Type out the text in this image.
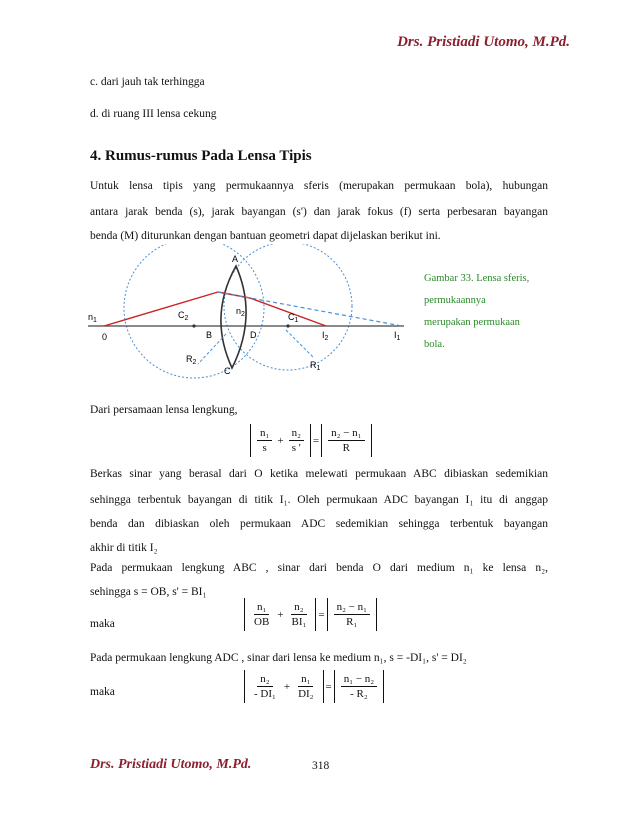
Drs. Pristiadi Utomo, M.Pd.
c. dari jauh tak terhingga
d. di ruang III lensa cekung
4. Rumus-rumus Pada Lensa Tipis
Untuk lensa tipis yang permukaannya sferis (merupakan permukaan bola), hubungan
antara jarak benda (s), jarak bayangan (s') dan jarak fokus (f) serta perbesaran bayangan
benda (M) diturunkan dengan bantuan geometri dapat dijelaskan berikut ini.
$n_1$
0
A
$n_2$
$C_2$
B	D
$C_1$
$I_2$	$I_1$
$R_2$
C
$R_1$
Gambar 33. Lensa sferis,
permukaannya
merupakan permukaan
bola.
Dari persamaan lensa lengkung,
$\frac{\text{n₁}}{s} + \frac{\text{n₂}}{s '} = \frac{\text{n₂ − n₁}}{R}$
Berkas sinar yang berasal dari O ketika melewati permukaan ABC dibiaskan sedemikian
sehingga terbentuk bayangan di titik I₁. Oleh permukaan ADC bayangan I₁ itu di anggap
benda dan dibiaskan oleh permukaan ADC sedemikian sehingga terbentuk bayangan
akhir di titik I₂
Pada permukaan lengkung ABC , sinar dari benda O dari medium n₁ ke lensa n₂,
sehingga s = OB, s' = BI₁
maka	$\frac{\text{n₁}}{OB} + \frac{\text{n₂}}{\text{BI₁}} = \frac{\text{n₂ − n₁}}{\text{R₁}}$
Pada permukaan lengkung ADC , sinar dari lensa ke medium n₁, s = -DI₁, s' = DI₂
maka	$\frac{\text{n₂}}{\text{- DI₁}} + \frac{\text{n₁}}{\text{DI₂}} = \frac{\text{n₁ − n₂}}{\text{- R₂}}$
Drs. Pristiadi Utomo, M.Pd.	318
